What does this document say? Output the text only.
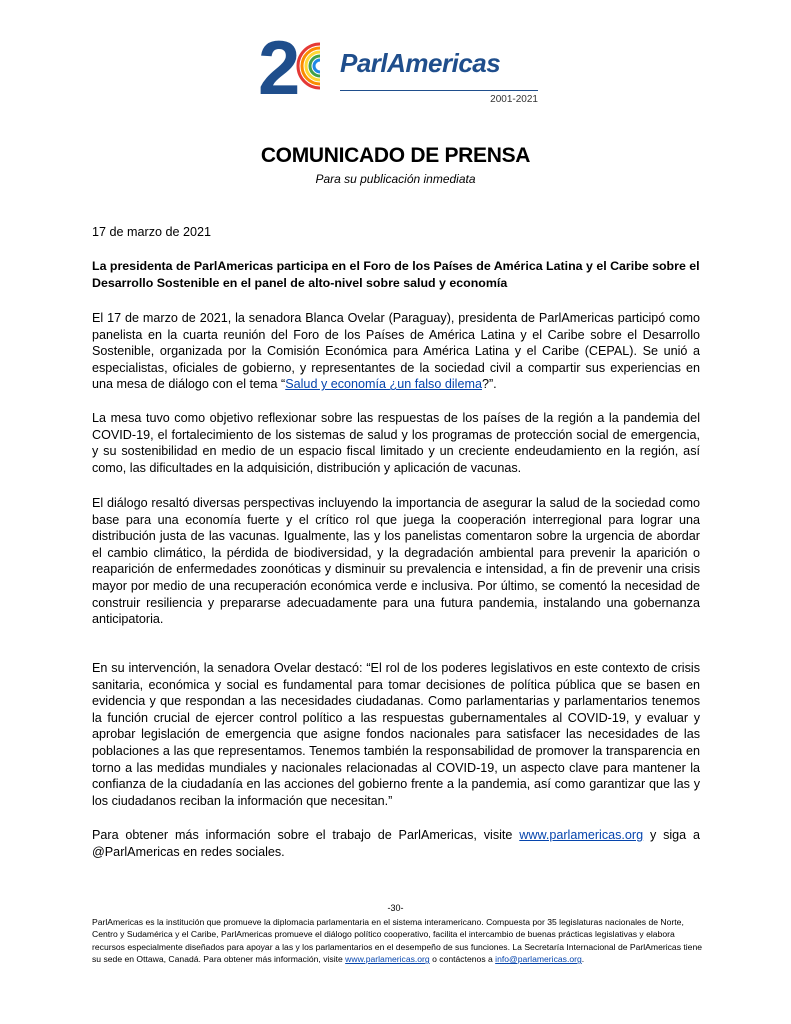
2 ParlAmericas
2001-2021
COMUNICADO DE PRENSA
Para su publicación inmediata
17 de marzo de 2021
La presidenta de ParlAmericas participa en el Foro de los Países de América Latina y el Caribe sobre el Desarrollo Sostenible en el panel de alto-nivel sobre salud y economía
El 17 de marzo de 2021, la senadora Blanca Ovelar (Paraguay), presidenta de ParlAmericas participó como panelista en la cuarta reunión del Foro de los Países de América Latina y el Caribe sobre el Desarrollo Sostenible, organizada por la Comisión Económica para América Latina y el Caribe (CEPAL). Se unió a especialistas, oficiales de gobierno, y representantes de la sociedad civil a compartir sus experiencias en una mesa de diálogo con el tema “Salud y economía ¿un falso dilema?”.
La mesa tuvo como objetivo reflexionar sobre las respuestas de los países de la región a la pandemia del COVID-19, el fortalecimiento de los sistemas de salud y los programas de protección social de emergencia, y su sostenibilidad en medio de un espacio fiscal limitado y un creciente endeudamiento en la región, así como, las dificultades en la adquisición, distribución y aplicación de vacunas.
El diálogo resaltó diversas perspectivas incluyendo la importancia de asegurar la salud de la sociedad como base para una economía fuerte y el crítico rol que juega la cooperación interregional para lograr una distribución justa de las vacunas. Igualmente, las y los panelistas comentaron sobre la urgencia de abordar el cambio climático, la pérdida de biodiversidad, y la degradación ambiental para prevenir la aparición o reaparición de enfermedades zoonóticas y disminuir su prevalencia e intensidad, a fin de prevenir una crisis mayor por medio de una recuperación económica verde e inclusiva. Por último, se comentó la necesidad de construir resiliencia y prepararse adecuadamente para una futura pandemia, instalando una gobernanza anticipatoria.
En su intervención, la senadora Ovelar destacó: “El rol de los poderes legislativos en este contexto de crisis sanitaria, económica y social es fundamental para tomar decisiones de política pública que se basen en evidencia y que respondan a las necesidades ciudadanas. Como parlamentarias y parlamentarios tenemos la función crucial de ejercer control político a las respuestas gubernamentales al COVID-19, y evaluar y aprobar legislación de emergencia que asigne fondos nacionales para satisfacer las necesidades de las poblaciones a las que representamos. Tenemos también la responsabilidad de promover la transparencia en torno a las medidas mundiales y nacionales relacionadas al COVID-19, un aspecto clave para mantener la confianza de la ciudadanía en las acciones del gobierno frente a la pandemia, así como garantizar que las y los ciudadanos reciban la información que necesitan.”
Para obtener más información sobre el trabajo de ParlAmericas, visite www.parlamericas.org y siga a @ParlAmericas en redes sociales.
-30-
ParlAmericas es la institución que promueve la diplomacia parlamentaria en el sistema interamericano. Compuesta por 35 legislaturas nacionales de Norte, Centro y Sudamérica y el Caribe, ParlAmericas promueve el diálogo político cooperativo, facilita el intercambio de buenas prácticas legislativas y elabora recursos especialmente diseñados para apoyar a las y los parlamentarios en el desempeño de sus funciones. La Secretaría Internacional de ParlAmericas tiene su sede en Ottawa, Canadá. Para obtener más información, visite www.parlamericas.org o contáctenos a info@parlamericas.org.
